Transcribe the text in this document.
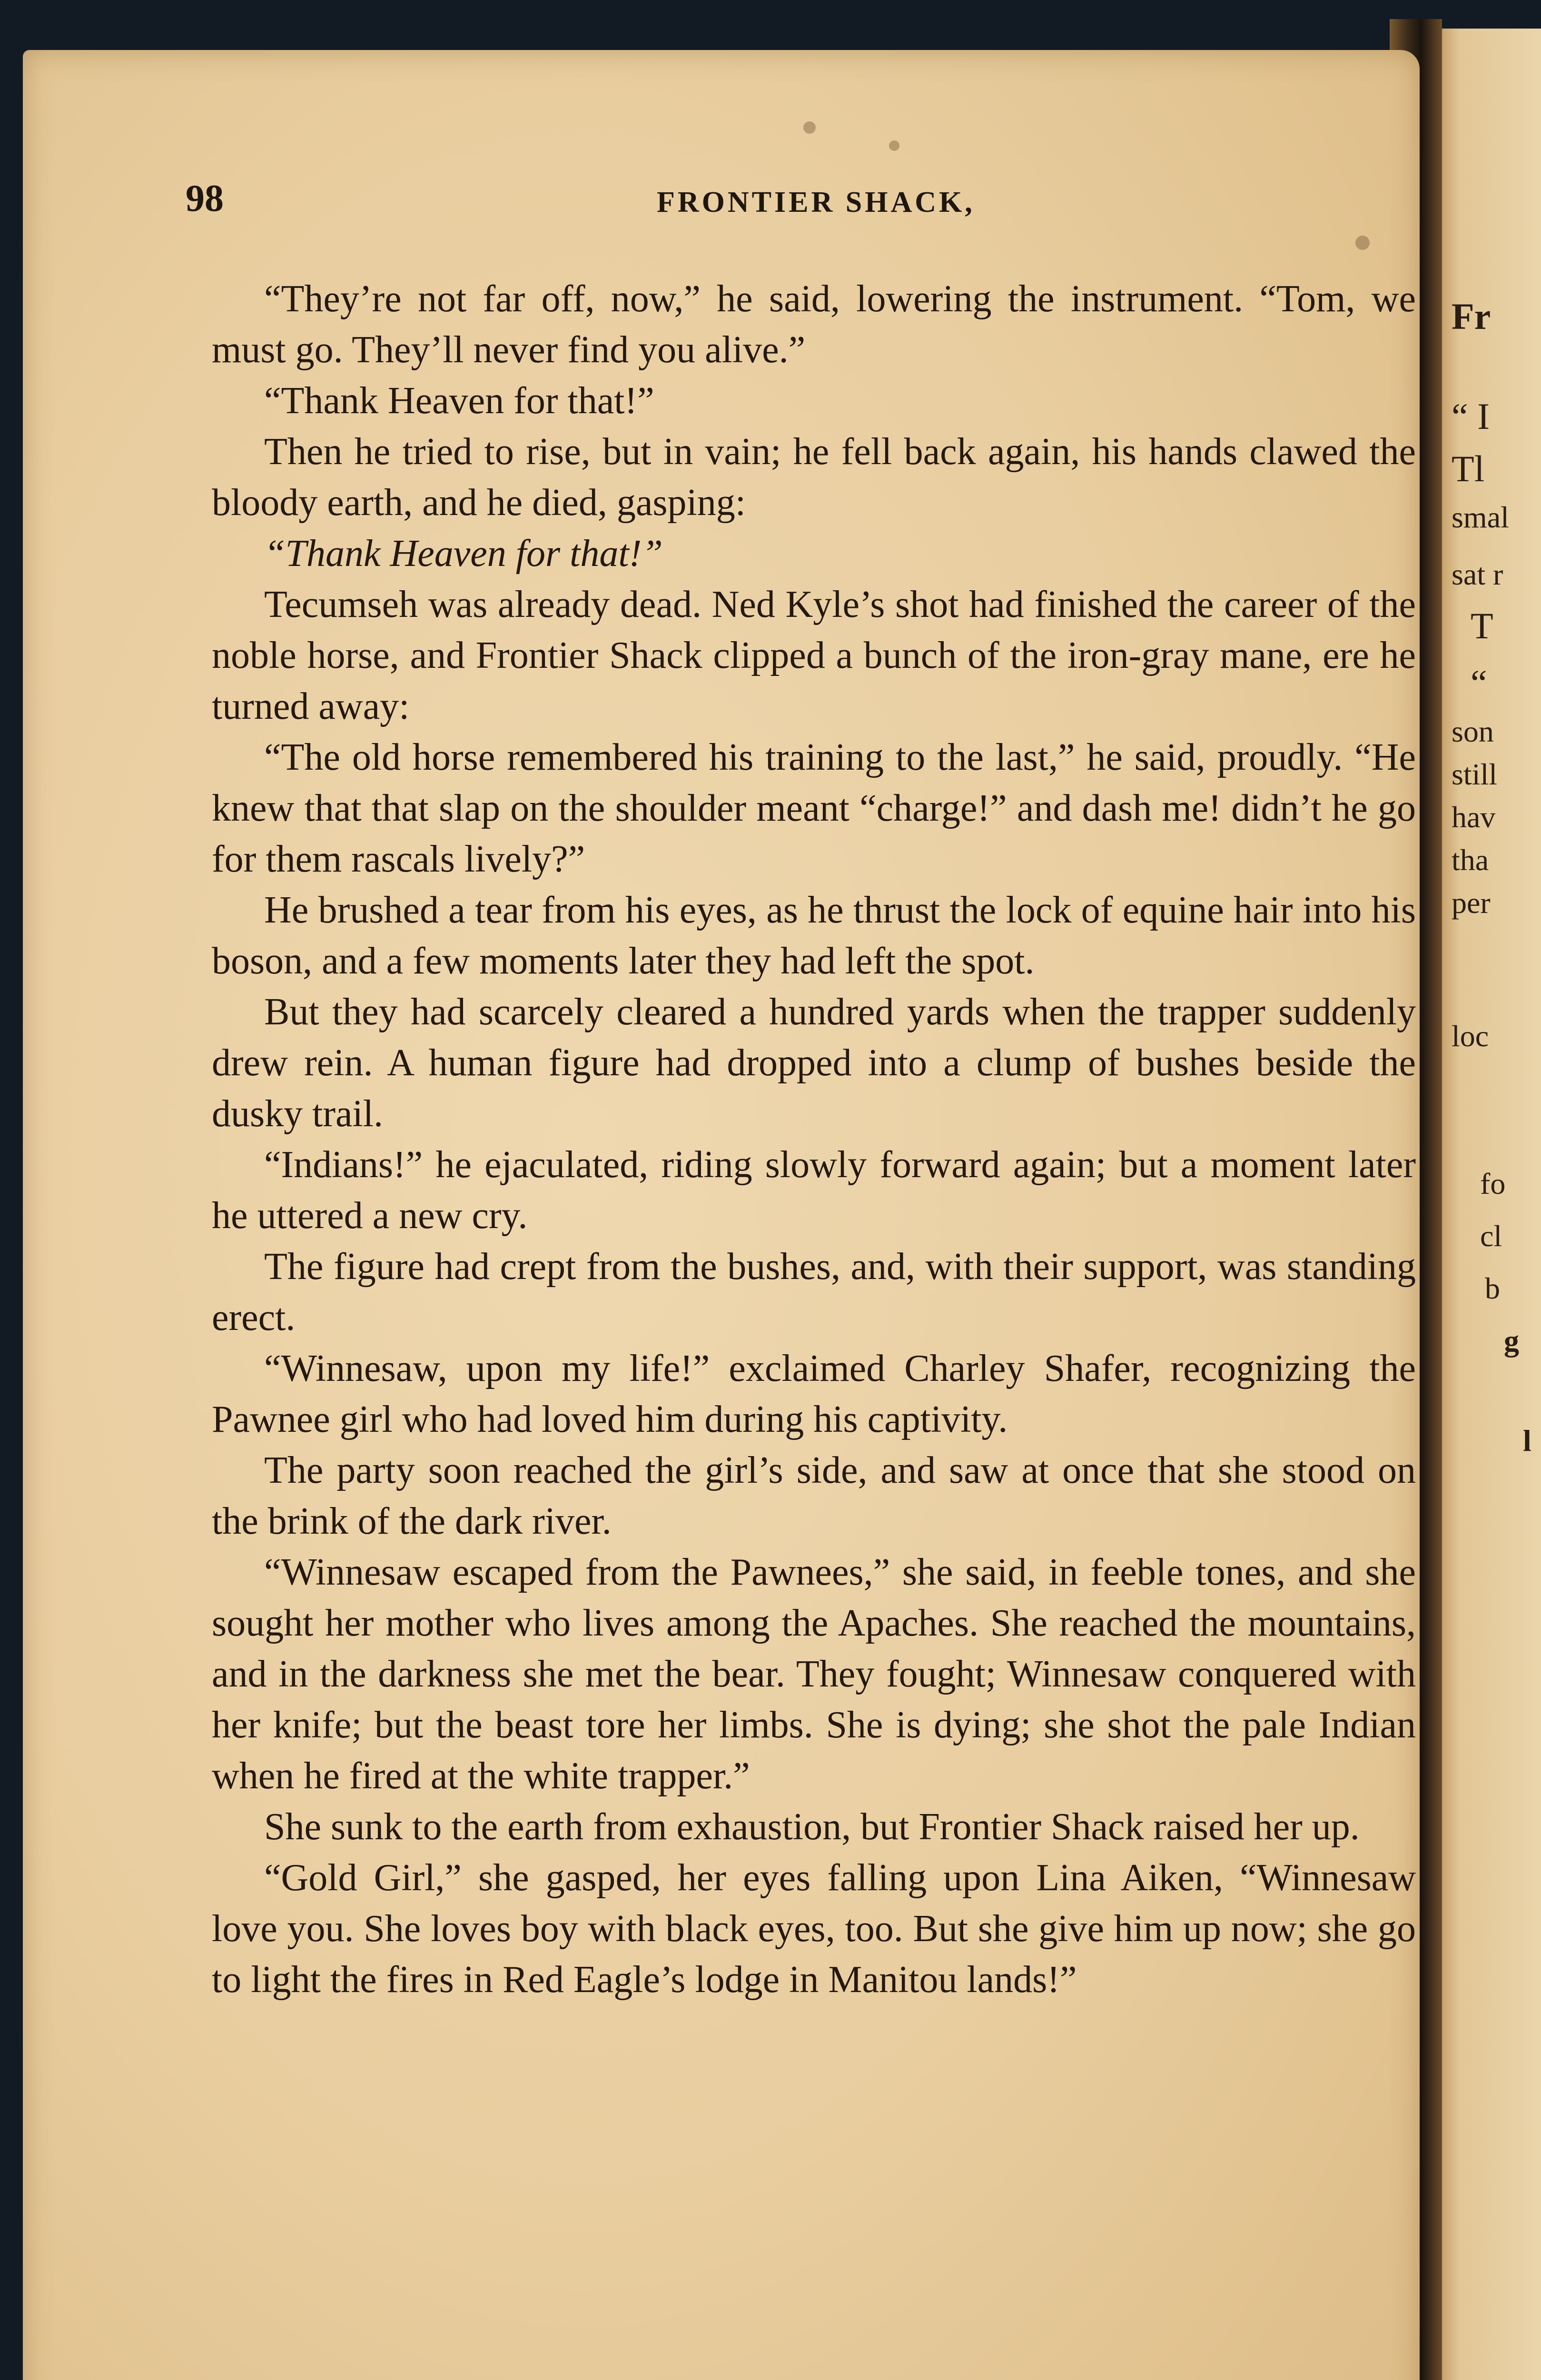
Fr
“ I
Tl
smal
sat r
T
“
son
still
hav
tha
per
loc
fo
cl
b
g
l
98	FRONTIER SHACK,

“They’re not far off, now,” he said, lowering the instrument. “Tom, we must go. They’ll never find you alive.”

“Thank Heaven for that!”

Then he tried to rise, but in vain; he fell back again, his hands clawed the bloody earth, and he died, gasping:

“Thank Heaven for that!”

Tecumseh was already dead. Ned Kyle’s shot had finished the career of the noble horse, and Frontier Shack clipped a bunch of the iron-gray mane, ere he turned away:

“The old horse remembered his training to the last,” he said, proudly. “He knew that that slap on the shoulder meant “charge!” and dash me! didn’t he go for them rascals lively?”

He brushed a tear from his eyes, as he thrust the lock of equine hair into his boson, and a few moments later they had left the spot.

But they had scarcely cleared a hundred yards when the trapper suddenly drew rein. A human figure had dropped into a clump of bushes beside the dusky trail.

“Indians!” he ejaculated, riding slowly forward again; but a moment later he uttered a new cry.

The figure had crept from the bushes, and, with their support, was standing erect.

“Winnesaw, upon my life!” exclaimed Charley Shafer, recognizing the Pawnee girl who had loved him during his captivity.

The party soon reached the girl’s side, and saw at once that she stood on the brink of the dark river.

“Winnesaw escaped from the Pawnees,” she said, in feeble tones, and she sought her mother who lives among the Apaches. She reached the mountains, and in the darkness she met the bear. They fought; Winnesaw conquered with her knife; but the beast tore her limbs. She is dying; she shot the pale Indian when he fired at the white trapper.”

She sunk to the earth from exhaustion, but Frontier Shack raised her up.

“Gold Girl,” she gasped, her eyes falling upon Lina Aiken, “Winnesaw love you. She loves boy with black eyes, too. But she give him up now; she go to light the fires in Red Eagle’s lodge in Manitou lands!”
